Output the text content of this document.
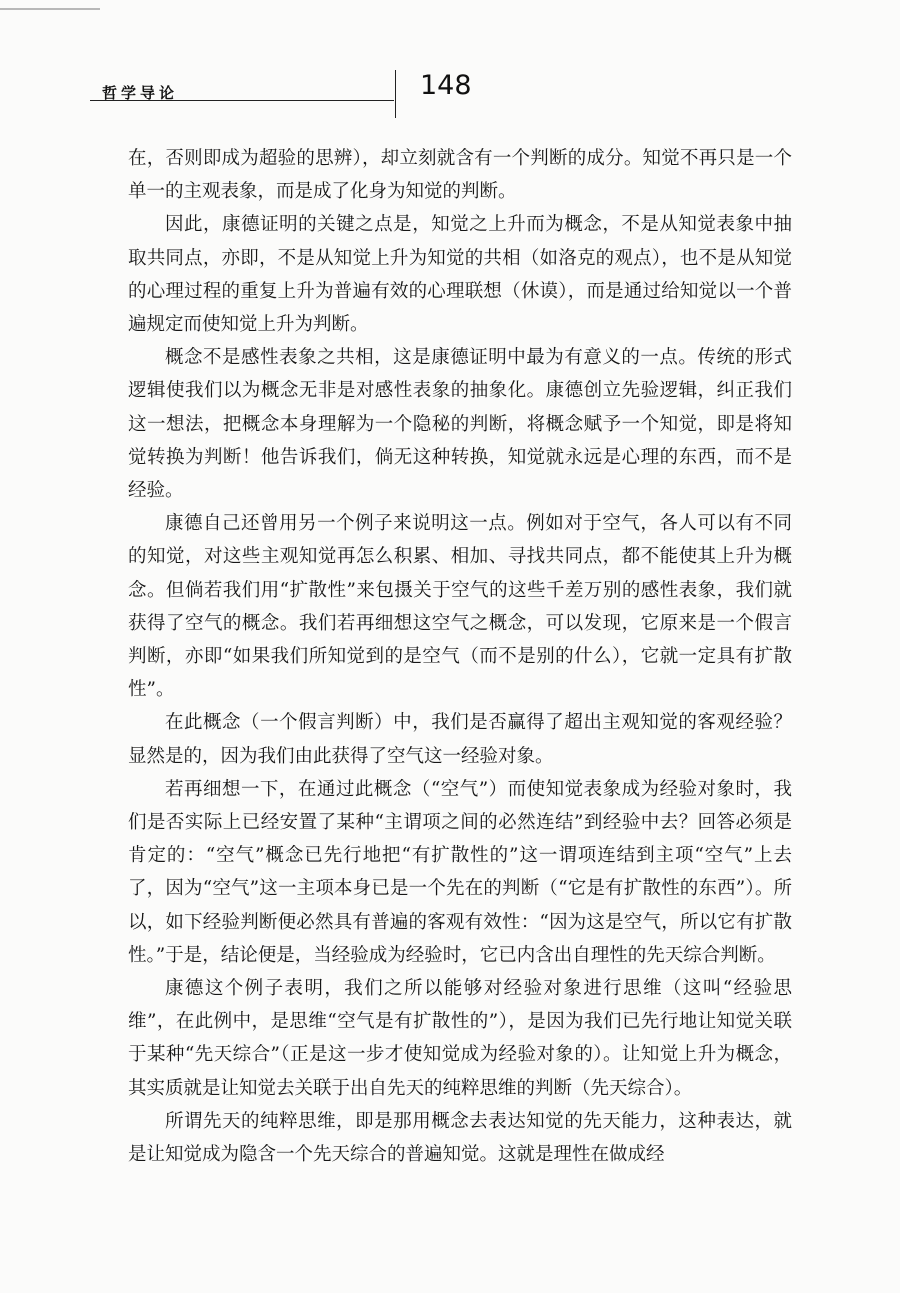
哲学导论	148

在，否则即成为超验的思辨），却立刻就含有一个判断的成分。知觉不再只是一个单一的主观表象，而是成了化身为知觉的判断。

因此，康德证明的关键之点是，知觉之上升而为概念，不是从知觉表象中抽取共同点，亦即，不是从知觉上升为知觉的共相（如洛克的观点），也不是从知觉的心理过程的重复上升为普遍有效的心理联想（休谟），而是通过给知觉以一个普遍规定而使知觉上升为判断。

概念不是感性表象之共相，这是康德证明中最为有意义的一点。传统的形式逻辑使我们以为概念无非是对感性表象的抽象化。康德创立先验逻辑，纠正我们这一想法，把概念本身理解为一个隐秘的判断，将概念赋予一个知觉，即是将知觉转换为判断！他告诉我们，倘无这种转换，知觉就永远是心理的东西，而不是经验。

康德自己还曾用另一个例子来说明这一点。例如对于空气，各人可以有不同的知觉，对这些主观知觉再怎么积累、相加、寻找共同点，都不能使其上升为概念。但倘若我们用“扩散性”来包摄关于空气的这些千差万别的感性表象，我们就获得了空气的概念。我们若再细想这空气之概念，可以发现，它原来是一个假言判断，亦即“如果我们所知觉到的是空气（而不是别的什么），它就一定具有扩散性”。

在此概念（一个假言判断）中，我们是否赢得了超出主观知觉的客观经验？显然是的，因为我们由此获得了空气这一经验对象。

若再细想一下，在通过此概念（“空气”）而使知觉表象成为经验对象时，我们是否实际上已经安置了某种“主谓项之间的必然连结”到经验中去？回答必须是肯定的：“空气”概念已先行地把“有扩散性的”这一谓项连结到主项“空气”上去了，因为“空气”这一主项本身已是一个先在的判断（“它是有扩散性的东西”）。所以，如下经验判断便必然具有普遍的客观有效性：“因为这是空气，所以它有扩散性。”于是，结论便是，当经验成为经验时，它已内含出自理性的先天综合判断。

康德这个例子表明，我们之所以能够对经验对象进行思维（这叫“经验思维”，在此例中，是思维“空气是有扩散性的”），是因为我们已先行地让知觉关联于某种“先天综合”（正是这一步才使知觉成为经验对象的）。让知觉上升为概念，其实质就是让知觉去关联于出自先天的纯粹思维的判断（先天综合）。

所谓先天的纯粹思维，即是那用概念去表达知觉的先天能力，这种表达，就是让知觉成为隐含一个先天综合的普遍知觉。这就是理性在做成经
